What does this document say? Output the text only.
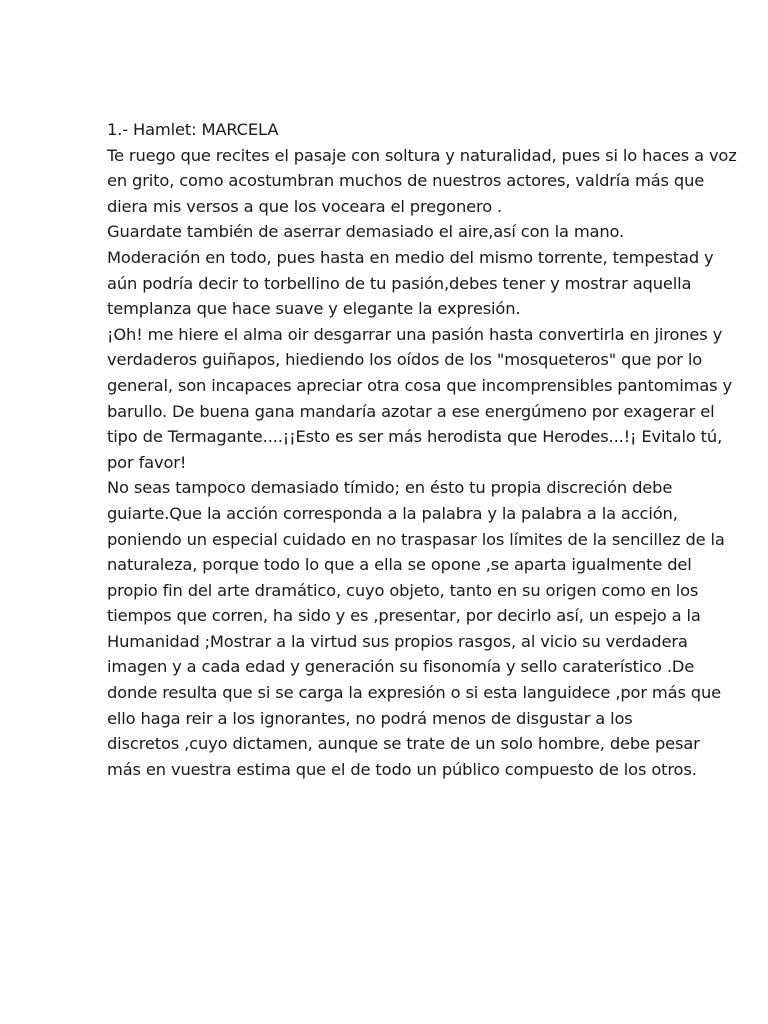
1.- Hamlet: MARCELA
Te ruego que recites el pasaje con soltura y naturalidad, pues si lo haces a voz
en grito, como acostumbran muchos de nuestros actores, valdría más que
diera mis versos a que los voceara el pregonero .
Guardate también de aserrar demasiado el aire,así con la mano.
Moderación en todo, pues hasta en medio del mismo torrente, tempestad y
aún podría decir to torbellino de tu pasión,debes tener y mostrar aquella
templanza que hace suave y elegante la expresión.
¡Oh! me hiere el alma oir desgarrar una pasión hasta convertirla en jirones y
verdaderos guiñapos, hiediendo los oídos de los "mosqueteros" que por lo
general, son incapaces apreciar otra cosa que incomprensibles pantomimas y
barullo. De buena gana mandaría azotar a ese energúmeno por exagerar el
tipo de Termagante....¡¡Esto es ser más herodista que Herodes...!¡ Evitalo tú,
por favor!
No seas tampoco demasiado tímido; en ésto tu propia discreción debe
guiarte.Que la acción corresponda a la palabra y la palabra a la acción,
poniendo un especial cuidado en no traspasar los límites de la sencillez de la
naturaleza, porque todo lo que a ella se opone ,se aparta igualmente del
propio fin del arte dramático, cuyo objeto, tanto en su origen como en los
tiempos que corren, ha sido y es ,presentar, por decirlo así, un espejo a la
Humanidad ;Mostrar a la virtud sus propios rasgos, al vicio su verdadera
imagen y a cada edad y generación su fisonomía y sello caraterístico .De
donde resulta que si se carga la expresión o si esta languidece ,por más que
ello haga reir a los ignorantes, no podrá menos de disgustar a los
discretos ,cuyo dictamen, aunque se trate de un solo hombre, debe pesar
más en vuestra estima que el de todo un público compuesto de los otros.
